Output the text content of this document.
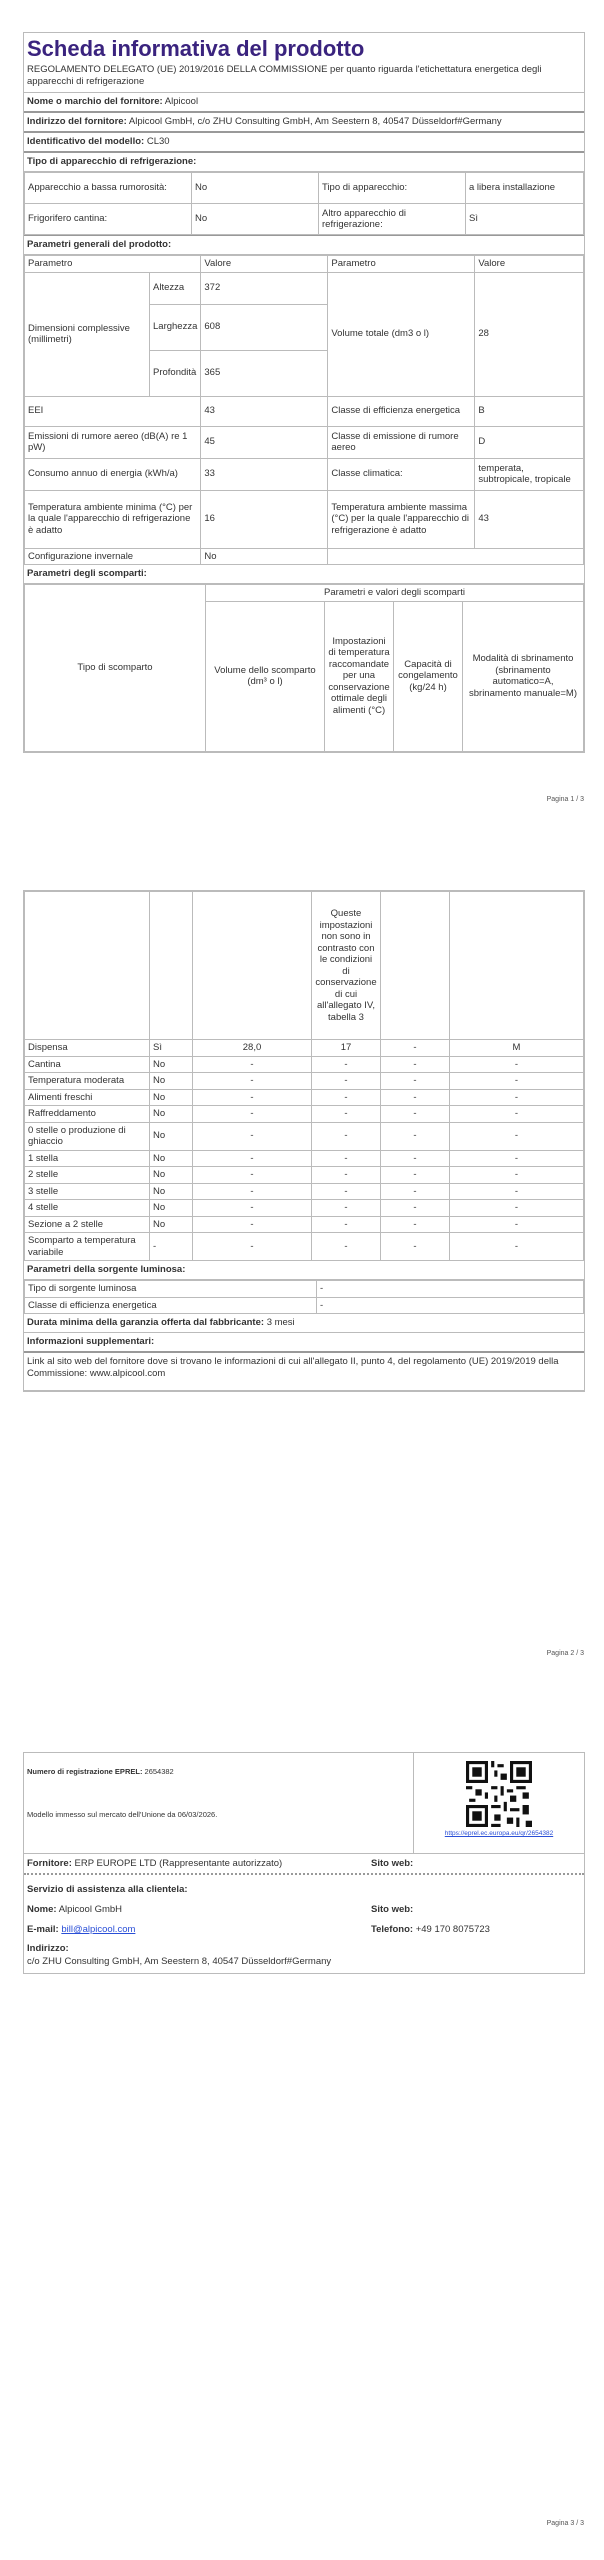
Scheda informativa del prodotto
REGOLAMENTO DELEGATO (UE) 2019/2016 DELLA COMMISSIONE per quanto riguarda l'etichettatura energetica degli apparecchi di refrigerazione
Nome o marchio del fornitore: Alpicool
Indirizzo del fornitore: Alpicool GmbH, c/o ZHU Consulting GmbH, Am Seestern 8, 40547 Düsseldorf#Germany
Identificativo del modello: CL30
Tipo di apparecchio di refrigerazione:
Apparecchio a bassa rumorosità:	No	Tipo di apparecchio:	a libera installazione
Frigorifero cantina:	No	Altro apparecchio di refrigerazione:	Sì
Parametri generali del prodotto:
Parametro		Valore	Parametro	Valore
Dimensioni complessive (millimetri)	Altezza	372	Volume totale (dm3 o l)	28
	Larghezza	608		
	Profondità	365		
EEI		43	Classe di efficienza energetica	B
Emissioni di rumore aereo (dB(A) re 1 pW)		45	Classe di emissione di rumore aereo	D
Consumo annuo di energia (kWh/a)		33	Classe climatica:	temperata, subtropicale, tropicale
Temperatura ambiente minima (°C) per la quale l'apparecchio di refrigerazione è adatto		16	Temperatura ambiente massima (°C) per la quale l'apparecchio di refrigerazione è adatto	43
Configurazione invernale		No		
Parametri degli scomparti:
Tipo di scomparto	Parametri e valori degli scomparti			
	Volume dello scomparto (dm³ o l)	Impostazioni di temperatura raccomandate per una conservazione ottimale degli alimenti (°C)	Capacità di congelamento (kg/24 h)	Modalità di sbrinamento (sbrinamento automatico=A, sbrinamento manuale=M)
Pagina 1 / 3
			Queste impostazioni non sono in contrasto con le condizioni di conservazione di cui all'allegato IV, tabella 3		
Dispensa	Sì	28,0	17	-	M
Cantina	No	-	-	-	-
Temperatura moderata	No	-	-	-	-
Alimenti freschi	No	-	-	-	-
Raffreddamento	No	-	-	-	-
0 stelle o produzione di ghiaccio	No	-	-	-	-
1 stella	No	-	-	-	-
2 stelle	No	-	-	-	-
3 stelle	No	-	-	-	-
4 stelle	No	-	-	-	-
Sezione a 2 stelle	No	-	-	-	-
Scomparto a temperatura variabile	-	-	-	-	-
Parametri della sorgente luminosa:
Tipo di sorgente luminosa	-
Classe di efficienza energetica	-
Durata minima della garanzia offerta dal fabbricante: 3 mesi
Informazioni supplementari:
Link al sito web del fornitore dove si trovano le informazioni di cui all'allegato II, punto 4, del regolamento (UE) 2019/2019 della Commissione: www.alpicool.com
Pagina 2 / 3
Numero di registrazione EPREL: 2654382
Modello immesso sul mercato dell'Unione da 06/03/2026.
https://eprel.ec.europa.eu/qr/2654382
Fornitore: ERP EUROPE LTD (Rappresentante autorizzato)	Sito web:
Servizio di assistenza alla clientela:
Nome: Alpicool GmbH	Sito web:
E-mail: bill@alpicool.com	Telefono: +49 170 8075723
Indirizzo:
c/o ZHU Consulting GmbH, Am Seestern 8, 40547 Düsseldorf#Germany
Pagina 3 / 3
